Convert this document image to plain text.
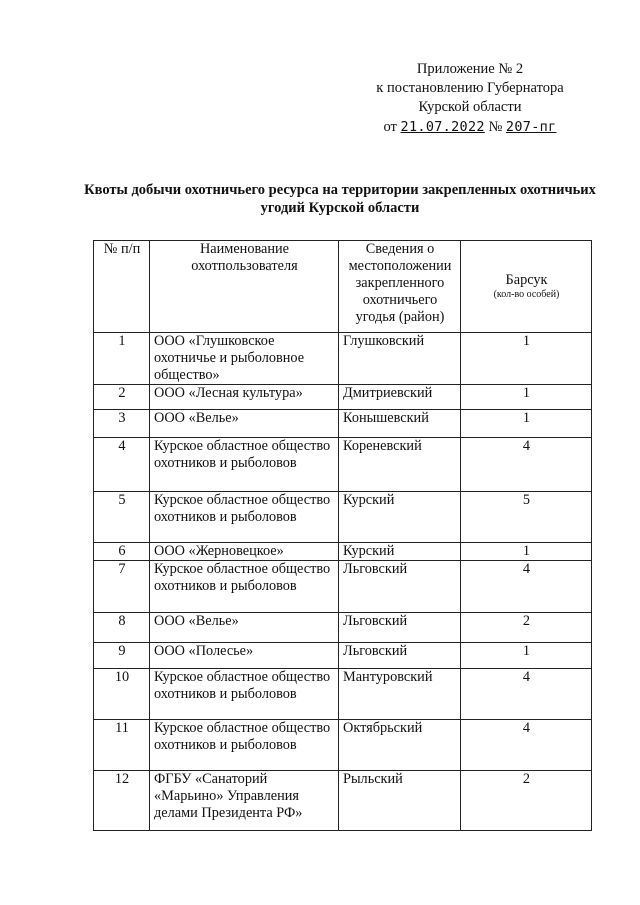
Приложение № 2
к постановлению Губернатора
Курской области
от 21.07.2022 № 207-пг
Квоты добычи охотничьего ресурса на территории закрепленных охотничьих угодий Курской области
№ п/п	Наименование охотпользователя	Сведения о местоположении закрепленного охотничьего угодья (район)	Барсук
(кол-во особей)

1	ООО «Глушковское охотничье и рыболовное общество»	Глушковский	1
2	ООО «Лесная культура»	Дмитриевский	1
3	ООО «Велье»	Конышевский	1
4	Курское областное общество охотников и рыболовов	Кореневский	4
5	Курское областное общество охотников и рыболовов	Курский	5
6	ООО «Жерновецкое»	Курский	1
7	Курское областное общество охотников и рыболовов	Льговский	4
8	ООО «Велье»	Льговский	2
9	ООО «Полесье»	Льговский	1
10	Курское областное общество охотников и рыболовов	Мантуровский	4
11	Курское областное общество охотников и рыболовов	Октябрьский	4
12	ФГБУ «Санаторий «Марьино» Управления делами Президента РФ»	Рыльский	2
